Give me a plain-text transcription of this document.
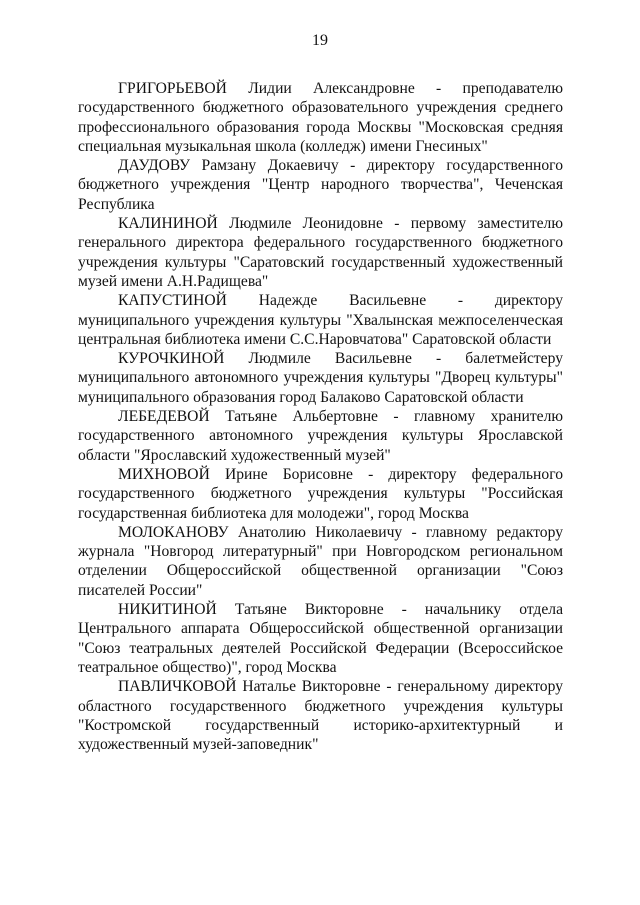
19

ГРИГОРЬЕВОЙ Лидии Александровне - преподавателю государственного бюджетного образовательного учреждения среднего профессионального образования города Москвы "Московская средняя специальная музыкальная школа (колледж) имени Гнесиных"

ДАУДОВУ Рамзану Докаевичу - директору государственного бюджетного учреждения "Центр народного творчества", Чеченская Республика

КАЛИНИНОЙ Людмиле Леонидовне - первому заместителю генерального директора федерального государственного бюджетного учреждения культуры "Саратовский государственный художественный музей имени А.Н.Радищева"

КАПУСТИНОЙ Надежде Васильевне - директору муниципального учреждения культуры "Хвалынская межпоселенческая центральная библиотека имени С.С.Наровчатова" Саратовской области

КУРОЧКИНОЙ Людмиле Васильевне - балетмейстеру муниципального автономного учреждения культуры "Дворец культуры" муниципального образования город Балаково Саратовской области

ЛЕБЕДЕВОЙ Татьяне Альбертовне - главному хранителю государственного автономного учреждения культуры Ярославской области "Ярославский художественный музей"

МИХНОВОЙ Ирине Борисовне - директору федерального государственного бюджетного учреждения культуры "Российская государственная библиотека для молодежи", город Москва

МОЛОКАНОВУ Анатолию Николаевичу - главному редактору журнала "Новгород литературный" при Новгородском региональном отделении Общероссийской общественной организации "Союз писателей России"

НИКИТИНОЙ Татьяне Викторовне - начальнику отдела Центрального аппарата Общероссийской общественной организации "Союз театральных деятелей Российской Федерации (Всероссийское театральное общество)", город Москва

ПАВЛИЧКОВОЙ Наталье Викторовне - генеральному директору областного государственного бюджетного учреждения культуры "Костромской государственный историко-архитектурный и художественный музей-заповедник"
